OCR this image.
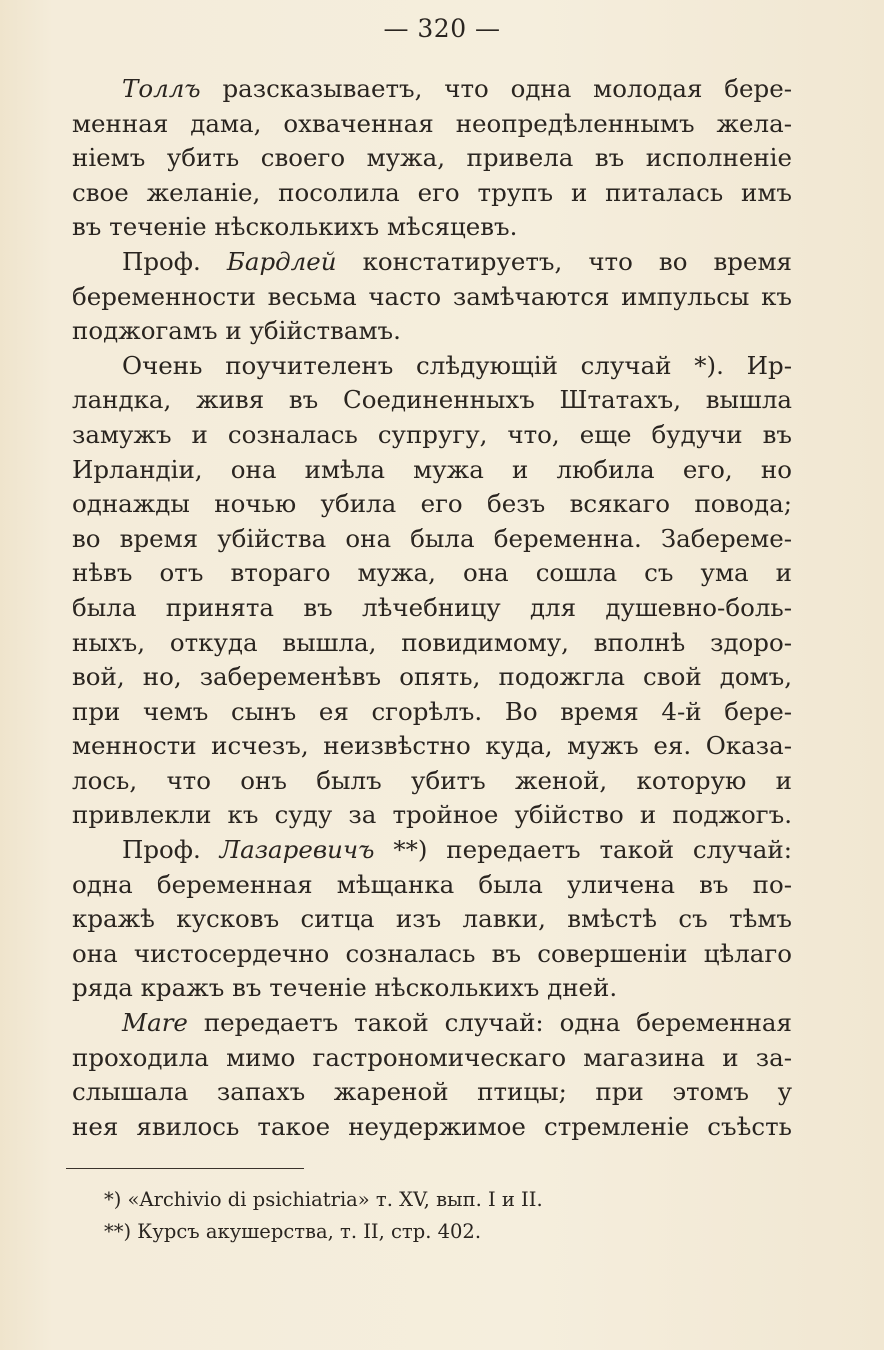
— 320 —
Толлъ разсказываетъ, что одна молодая бере-
менная дама, охваченная неопредѣленнымъ жела-
ніемъ убить своего мужа, привела въ исполненіе
свое желаніе, посолила его трупъ и питалась имъ
въ теченіе нѣсколькихъ мѣсяцевъ.
Проф. Бардлей констатируетъ, что во время
беременности весьма часто замѣчаются импульсы къ
поджогамъ и убійствамъ.
Очень поучителенъ слѣдующій случай *). Ир-
ландка, живя въ Соединенныхъ Штатахъ, вышла
замужъ и созналась супругу, что, еще будучи въ
Ирландіи, она имѣла мужа и любила его, но
однажды ночью убила его безъ всякаго повода;
во время убійства она была беременна. Забереме-
нѣвъ отъ втораго мужа, она сошла съ ума и
была принята въ лѣчебницу для душевно-боль-
ныхъ, откуда вышла, повидимому, вполнѣ здоро-
вой, но, забеременѣвъ опять, подожгла свой домъ,
при чемъ сынъ ея сгорѣлъ. Во время 4-й бере-
менности исчезъ, неизвѣстно куда, мужъ ея. Оказа-
лось, что онъ былъ убитъ женой, которую и
привлекли къ суду за тройное убійство и поджогъ.
Проф. Лазаревичъ **) передаетъ такой случай:
одна беременная мѣщанка была уличена въ по-
кражѣ кусковъ ситца изъ лавки, вмѣстѣ съ тѣмъ
она чистосердечно созналась въ совершеніи цѣлаго
ряда кражъ въ теченіе нѣсколькихъ дней.
Mare передаетъ такой случай: одна беременная
проходила мимо гастрономическаго магазина и за-
слышала запахъ жареной птицы; при этомъ у
нея явилось такое неудержимое стремленіе съѣсть
*) «Archivio di psichiatria» т. XV, вып. I и II.
**) Курсъ акушерства, т. II, стр. 402.
